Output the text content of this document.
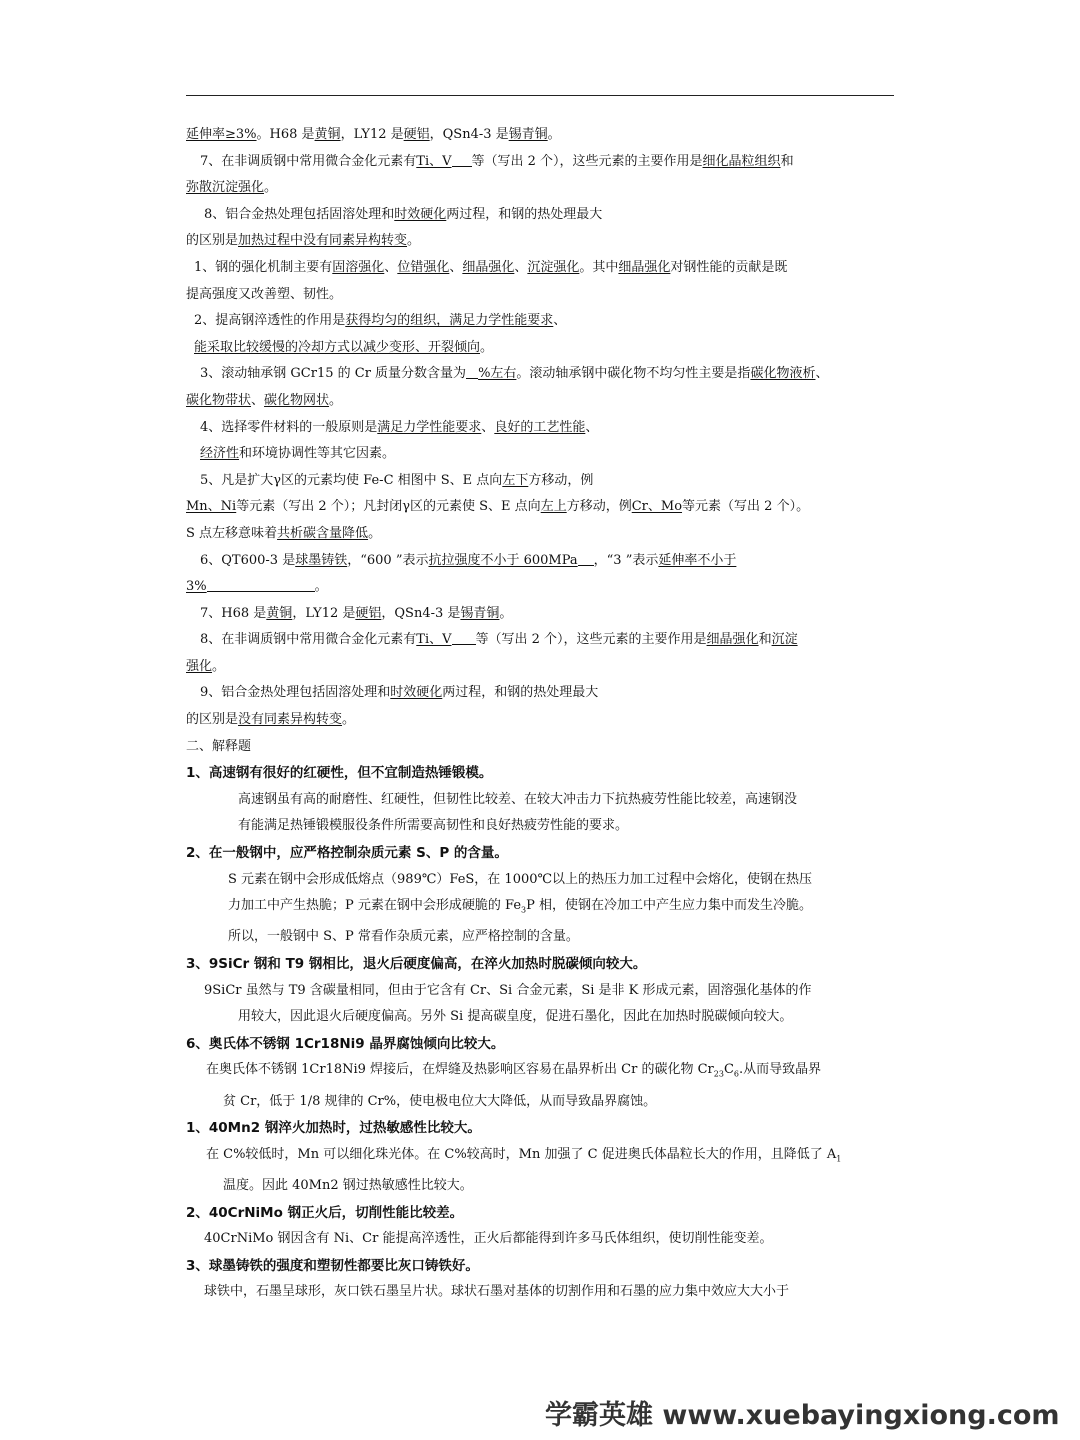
延伸率≥3%。H68 是黄铜，LY12 是硬铝，QSn4-3 是锡青铜。
7、在非调质钢中常用微合金化元素有Ti、V 等（写出 2 个），这些元素的主要作用是细化晶粒组织和
弥散沉淀强化。
8、铝合金热处理包括固溶处理和时效硬化两过程，和钢的热处理最大
的区别是加热过程中没有同素异构转变。
1、钢的强化机制主要有固溶强化、位错强化、细晶强化、沉淀强化。其中细晶强化对钢性能的贡献是既
提高强度又改善塑、韧性。
2、提高钢淬透性的作用是获得均匀的组织，满足力学性能要求、
能采取比较缓慢的冷却方式以减少变形、开裂倾向。
3、滚动轴承钢 GCr15 的 Cr 质量分数含量为 %左右。滚动轴承钢中碳化物不均匀性主要是指碳化物液析、
碳化物带状、碳化物网状。
4、选择零件材料的一般原则是满足力学性能要求、良好的工艺性能、
经济性和环境协调性等其它因素。
5、凡是扩大γ区的元素均使 Fe-C 相图中 S、E 点向左下方移动，例
Mn、Ni等元素（写出 2 个）；凡封闭γ区的元素使 S、E 点向左上方移动，例Cr、Mo等元素（写出 2 个）。
S 点左移意味着共析碳含量降低。
6、QT600-3 是球墨铸铁，“600 ”表示抗拉强度不小于 600MPa ，“3 ”表示延伸率不小于
3%	。
7、H68 是黄铜，LY12 是硬铝，QSn4-3 是锡青铜。
8、在非调质钢中常用微合金化元素有Ti、V 等（写出 2 个），这些元素的主要作用是细晶强化和沉淀
强化。
9、铝合金热处理包括固溶处理和时效硬化两过程，和钢的热处理最大
的区别是没有同素异构转变。
二、解释题
1、高速钢有很好的红硬性，但不宜制造热锤锻模。
高速钢虽有高的耐磨性、红硬性，但韧性比较差、在较大冲击力下抗热疲劳性能比较差，高速钢没
有能满足热锤锻模服役条件所需要高韧性和良好热疲劳性能的要求。
2、在一般钢中，应严格控制杂质元素 S、P 的含量。
S 元素在钢中会形成低熔点（989℃）FeS，在 1000℃以上的热压力加工过程中会熔化，使钢在热压
力加工中产生热脆；P 元素在钢中会形成硬脆的 $Fe_3P$ 相，使钢在冷加工中产生应力集中而发生冷脆。
所以，一般钢中 S、P 常看作杂质元素，应严格控制的含量。
3、9SiCr 钢和 T9 钢相比，退火后硬度偏高，在淬火加热时脱碳倾向较大。
9SiCr 虽然与 T9 含碳量相同，但由于它含有 Cr、Si 合金元素，Si 是非 K 形成元素，固溶强化基体的作
用较大，因此退火后硬度偏高。另外 Si 提高碳皇度，促进石墨化，因此在加热时脱碳倾向较大。
6、奥氏体不锈钢 1Cr18Ni9 晶界腐蚀倾向比较大。
在奥氏体不锈钢 1Cr18Ni9 焊接后，在焊缝及热影响区容易在晶界析出 Cr 的碳化物 $Cr_{23}C_6$.从而导致晶界
贫 Cr，低于 1/8 规律的 Cr%，使电极电位大大降低，从而导致晶界腐蚀。
1、40Mn2 钢淬火加热时，过热敏感性比较大。
在 C%较低时，Mn 可以细化珠光体。在 C%较高时，Mn 加强了 C 促进奥氏体晶粒长大的作用，且降低了 $A_1$
温度。因此 40Mn2 钢过热敏感性比较大。
2、40CrNiMo 钢正火后，切削性能比较差。
40CrNiMo 钢因含有 Ni、Cr 能提高淬透性，正火后都能得到许多马氏体组织，使切削性能变差。
3、球墨铸铁的强度和塑韧性都要比灰口铸铁好。
球铁中，石墨呈球形，灰口铁石墨呈片状。球状石墨对基体的切割作用和石墨的应力集中效应大大小于
学霸英雄 www.xuebayingxiong.com
